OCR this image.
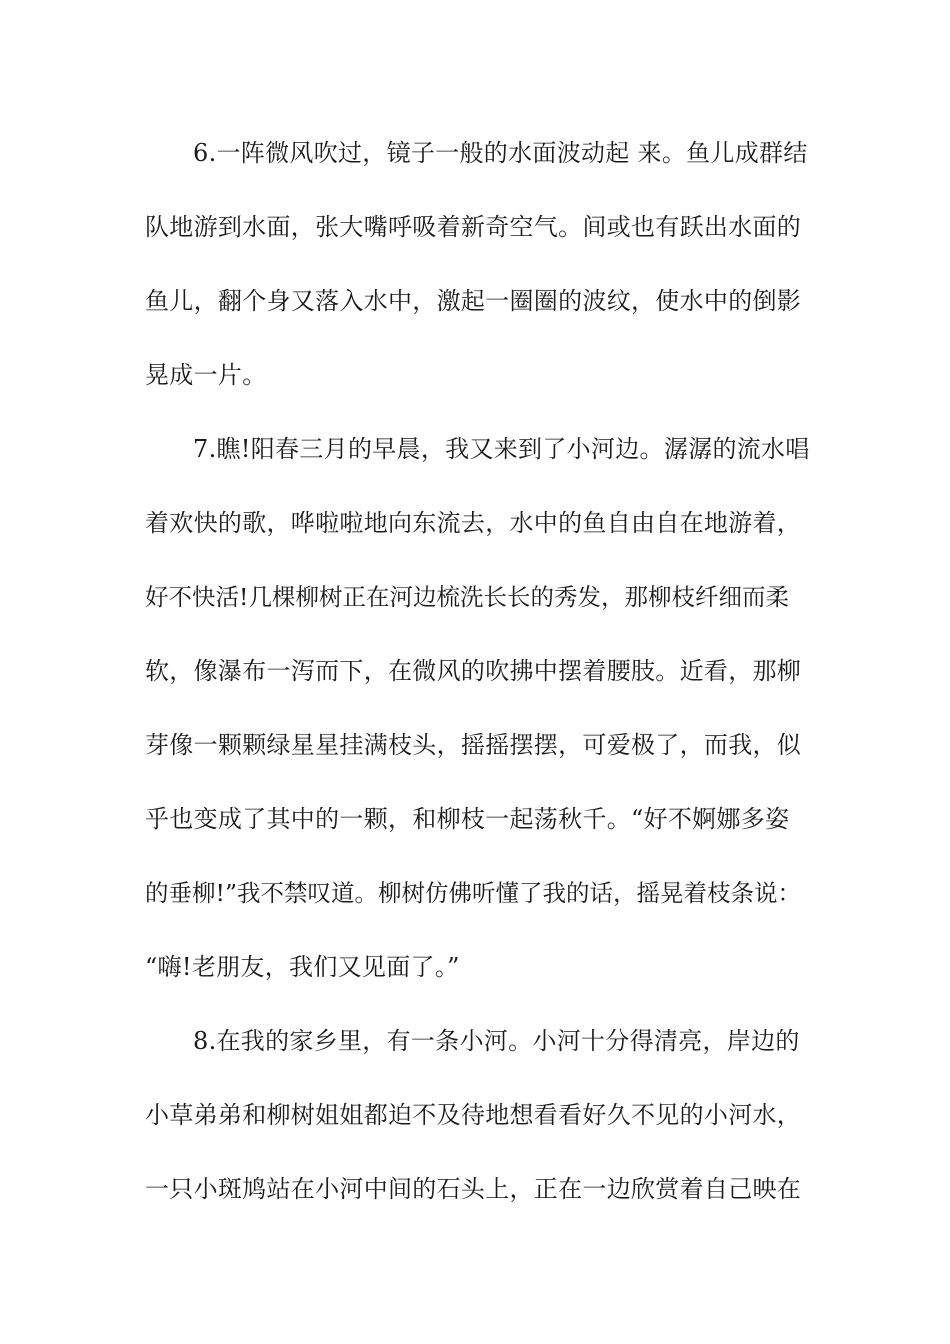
6.一阵微风吹过，镜子一般的水面波动起 来。鱼儿成群结
队地游到水面，张大嘴呼吸着新奇空气。间或也有跃出水面的
鱼儿，翻个身又落入水中，激起一圈圈的波纹，使水中的倒影
晃成一片。
7.瞧!阳春三月的早晨，我又来到了小河边。潺潺的流水唱
着欢快的歌，哗啦啦地向东流去，水中的鱼自由自在地游着，
好不快活!几棵柳树正在河边梳洗长长的秀发，那柳枝纤细而柔
软，像瀑布一泻而下，在微风的吹拂中摆着腰肢。近看，那柳
芽像一颗颗绿星星挂满枝头，摇摇摆摆，可爱极了，而我，似
乎也变成了其中的一颗，和柳枝一起荡秋千。“好不婀娜多姿
的垂柳!”我不禁叹道。柳树仿佛听懂了我的话，摇晃着枝条说：
“嗨!老朋友，我们又见面了。”
8.在我的家乡里，有一条小河。小河十分得清亮，岸边的
小草弟弟和柳树姐姐都迫不及待地想看看好久不见的小河水，
一只小斑鸠站在小河中间的石头上，正在一边欣赏着自己映在
